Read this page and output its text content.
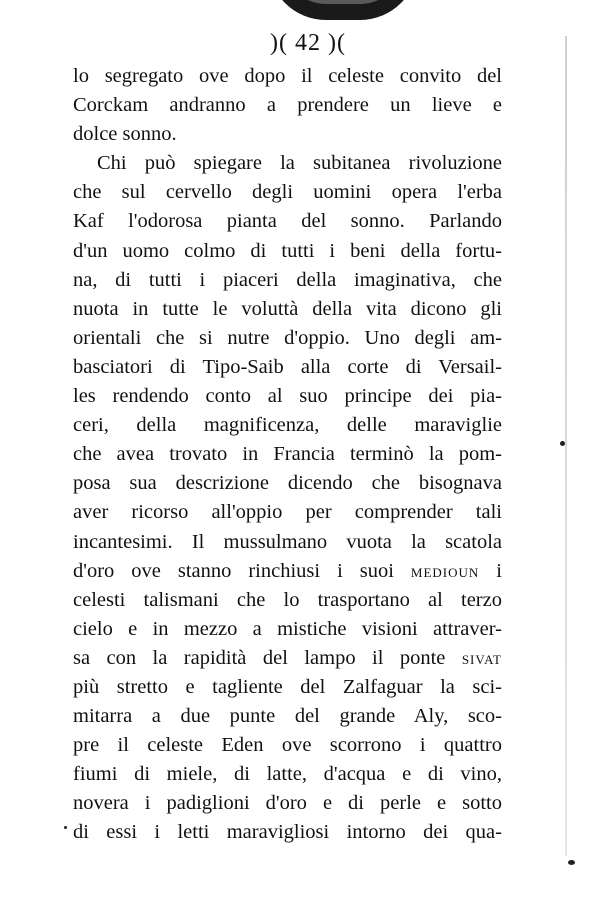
)( 42 )(
lo segregato ove dopo il celeste convito del
Corckam andranno a prendere un lieve e
dolce sonno.
Chi può spiegare la subitanea rivoluzione
che sul cervello degli uomini opera l'erba
Kaf l'odorosa pianta del sonno. Parlando
d'un uomo colmo di tutti i beni della fortu-
na, di tutti i piaceri della imaginativa, che
nuota in tutte le voluttà della vita dicono gli
orientali che si nutre d'oppio. Uno degli am-
basciatori di Tipo-Saib alla corte di Versail-
les rendendo conto al suo principe dei pia-
ceri, della magnificenza, delle maraviglie
che avea trovato in Francia terminò la pom-
posa sua descrizione dicendo che bisognava
aver ricorso all'oppio per comprender tali
incantesimi. Il mussulmano vuota la scatola
d'oro ove stanno rinchiusi i suoi MEDIOUN i
celesti talismani che lo trasportano al terzo
cielo e in mezzo a mistiche visioni attraver-
sa con la rapidità del lampo il ponte SIVAT
più stretto e tagliente del Zalfaguar la sci-
mitarra a due punte del grande Aly, sco-
pre il celeste Eden ove scorrono i quattro
fiumi di miele, di latte, d'acqua e di vino,
novera i padiglioni d'oro e di perle e sotto
di essi i letti maravigliosi intorno dei qua-
